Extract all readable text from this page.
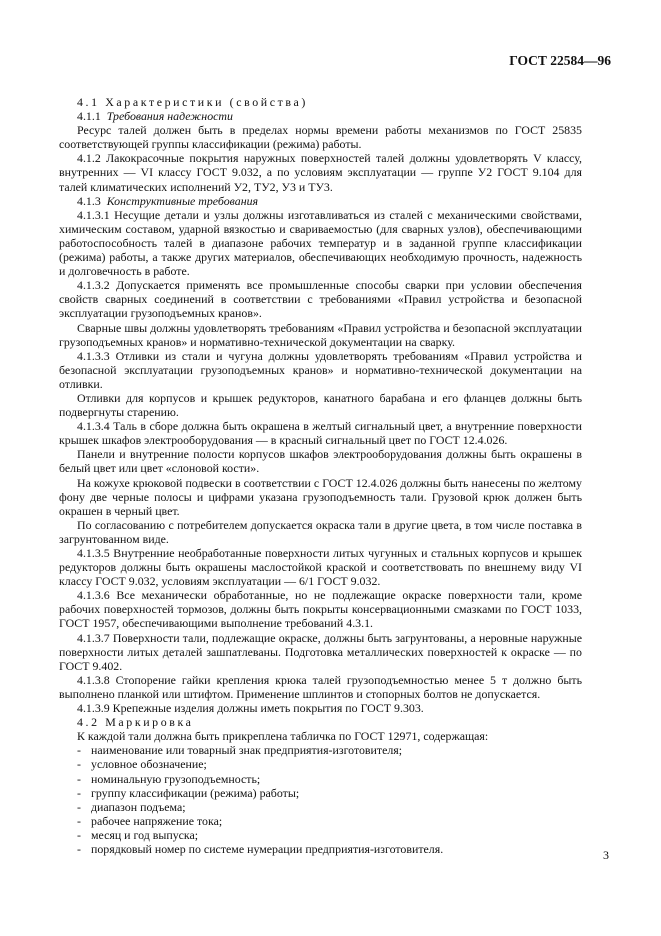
ГОСТ 22584—96

4.1 Характеристики (свойства)

4.1.1 Требования надежности

Ресурс талей должен быть в пределах нормы времени работы механизмов по ГОСТ 25835 соответствующей группы классификации (режима) работы.

4.1.2 Лакокрасочные покрытия наружных поверхностей талей должны удовлетворять V классу, внутренних — VI классу ГОСТ 9.032, а по условиям эксплуатации — группе У2 ГОСТ 9.104 для талей климатических исполнений У2, ТУ2, У3 и ТУ3.

4.1.3 Конструктивные требования

4.1.3.1 Несущие детали и узлы должны изготавливаться из сталей с механическими свойствами, химическим составом, ударной вязкостью и свариваемостью (для сварных узлов), обеспечивающими работоспособность талей в диапазоне рабочих температур и в заданной группе классификации (режима) работы, а также других материалов, обеспечивающих необходимую прочность, надежность и долговечность в работе.

4.1.3.2 Допускается применять все промышленные способы сварки при условии обеспечения свойств сварных соединений в соответствии с требованиями «Правил устройства и безопасной эксплуатации грузоподъемных кранов».

Сварные швы должны удовлетворять требованиям «Правил устройства и безопасной эксплуатации грузоподъемных кранов» и нормативно-технической документации на сварку.

4.1.3.3 Отливки из стали и чугуна должны удовлетворять требованиям «Правил устройства и безопасной эксплуатации грузоподъемных кранов» и нормативно-технической документации на отливки.

Отливки для корпусов и крышек редукторов, канатного барабана и его фланцев должны быть подвергнуты старению.

4.1.3.4 Таль в сборе должна быть окрашена в желтый сигнальный цвет, а внутренние поверхности крышек шкафов электрооборудования — в красный сигнальный цвет по ГОСТ 12.4.026.

Панели и внутренние полости корпусов шкафов электрооборудования должны быть окрашены в белый цвет или цвет «слоновой кости».

На кожухе крюковой подвески в соответствии с ГОСТ 12.4.026 должны быть нанесены по желтому фону две черные полосы и цифрами указана грузоподъемность тали. Грузовой крюк должен быть окрашен в черный цвет.

По согласованию с потребителем допускается окраска тали в другие цвета, в том числе поставка в загрунтованном виде.

4.1.3.5 Внутренние необработанные поверхности литых чугунных и стальных корпусов и крышек редукторов должны быть окрашены маслостойкой краской и соответствовать по внешнему виду VI классу ГОСТ 9.032, условиям эксплуатации — 6/1 ГОСТ 9.032.

4.1.3.6 Все механически обработанные, но не подлежащие окраске поверхности тали, кроме рабочих поверхностей тормозов, должны быть покрыты консервационными смазками по ГОСТ 1033, ГОСТ 1957, обеспечивающими выполнение требований 4.3.1.

4.1.3.7 Поверхности тали, подлежащие окраске, должны быть загрунтованы, а неровные наружные поверхности литых деталей зашпатлеваны. Подготовка металлических поверхностей к окраске — по ГОСТ 9.402.

4.1.3.8 Стопорение гайки крепления крюка талей грузоподъемностью менее 5 т должно быть выполнено планкой или штифтом. Применение шплинтов и стопорных болтов не допускается.

4.1.3.9 Крепежные изделия должны иметь покрытия по ГОСТ 9.303.

4.2 Маркировка

К каждой тали должна быть прикреплена табличка по ГОСТ 12971, содержащая:

- наименование или товарный знак предприятия-изготовителя;
- условное обозначение;
- номинальную грузоподъемность;
- группу классификации (режима) работы;
- диапазон подъема;
- рабочее напряжение тока;
- месяц и год выпуска;
- порядковый номер по системе нумерации предприятия-изготовителя.	3
